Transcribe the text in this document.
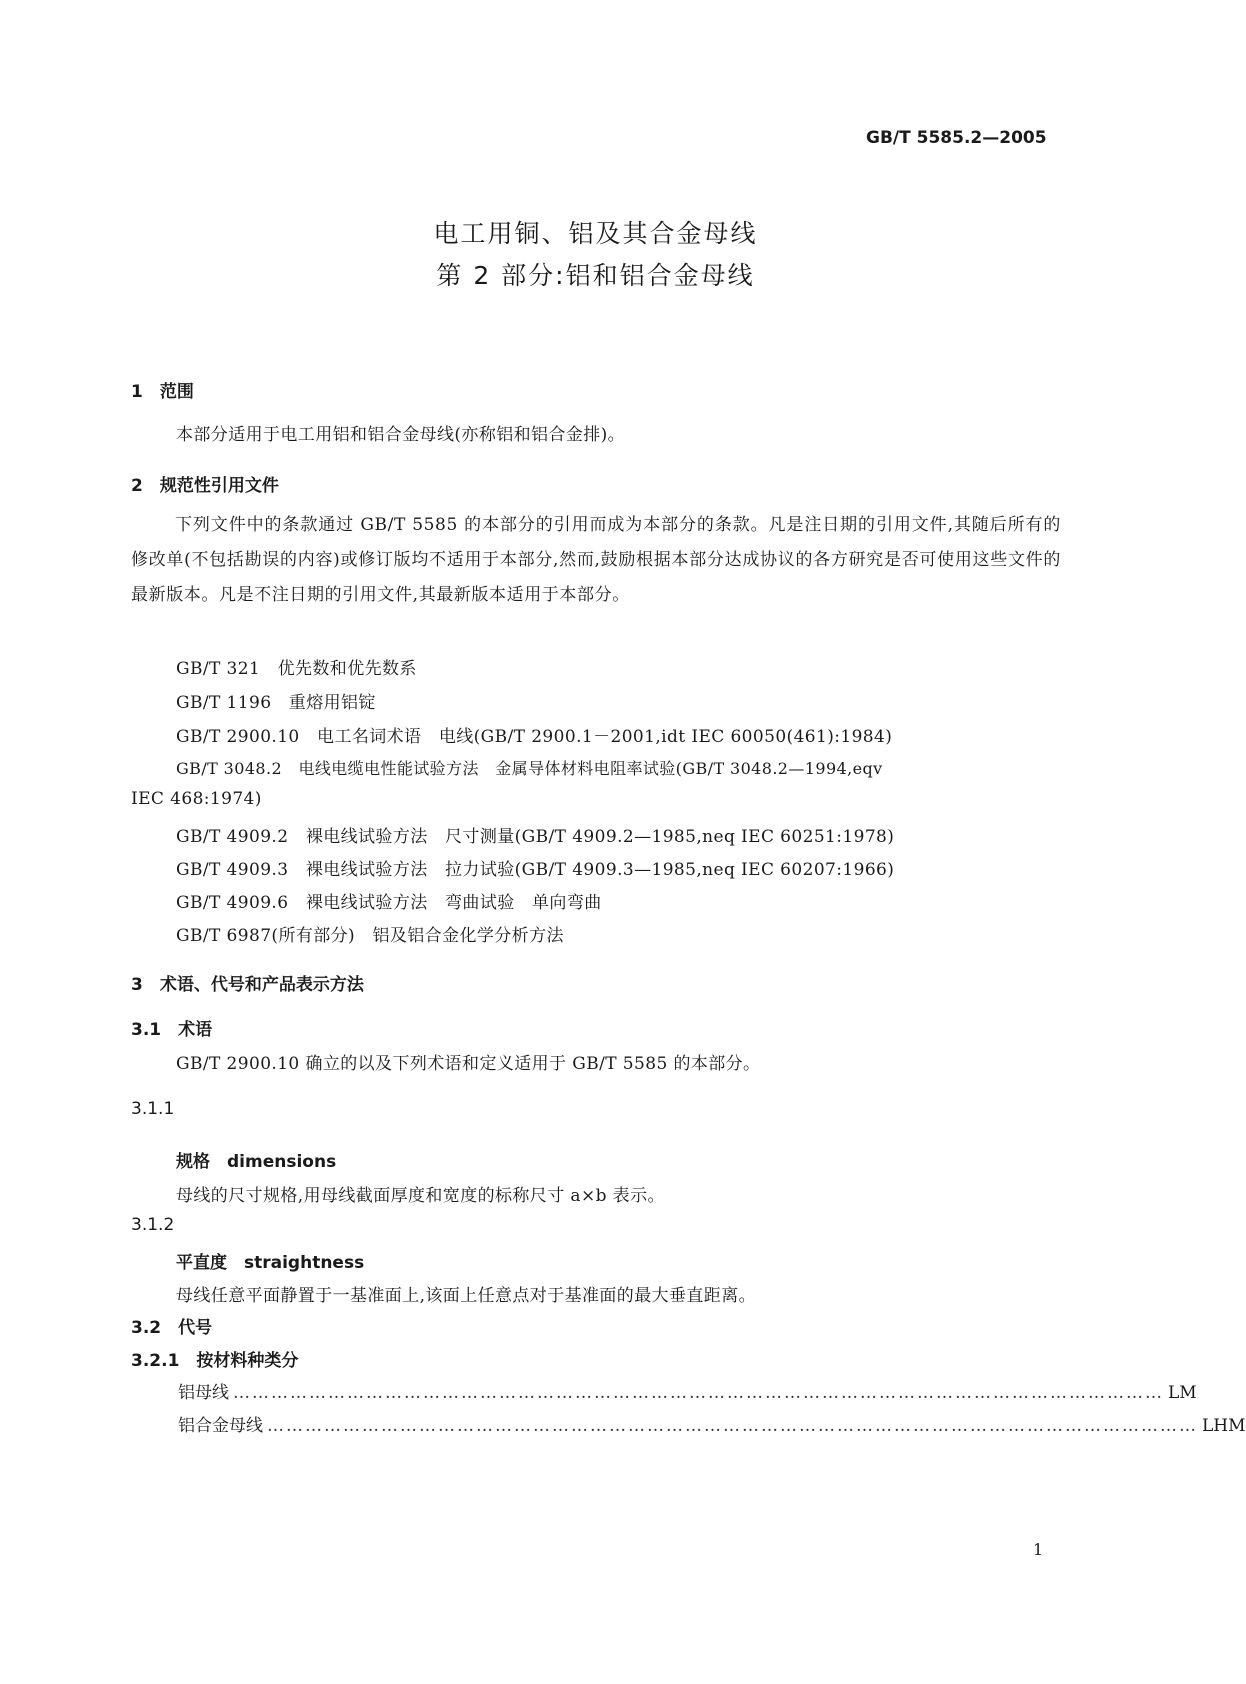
GB/T 5585.2—2005
电工用铜、铝及其合金母线
第 2 部分:铝和铝合金母线
1　范围
本部分适用于电工用铝和铝合金母线(亦称铝和铝合金排)。
2　规范性引用文件
下列文件中的条款通过 GB/T 5585 的本部分的引用而成为本部分的条款。凡是注日期的引用文件,其随后所有的修改单(不包括勘误的内容)或修订版均不适用于本部分,然而,鼓励根据本部分达成协议的各方研究是否可使用这些文件的最新版本。凡是不注日期的引用文件,其最新版本适用于本部分。
GB/T 321　优先数和优先数系
GB/T 1196　重熔用铝锭
GB/T 2900.10　电工名词术语　电线(GB/T 2900.1－2001,idt IEC 60050(461):1984)
GB/T 3048.2　电线电缆电性能试验方法　金属导体材料电阻率试验(GB/T 3048.2—1994,eqv
IEC 468:1974)
GB/T 4909.2　裸电线试验方法　尺寸测量(GB/T 4909.2—1985,neq IEC 60251:1978)
GB/T 4909.3　裸电线试验方法　拉力试验(GB/T 4909.3—1985,neq IEC 60207:1966)
GB/T 4909.6　裸电线试验方法　弯曲试验　单向弯曲
GB/T 6987(所有部分)　铝及铝合金化学分析方法
3　术语、代号和产品表示方法
3.1　术语
GB/T 2900.10 确立的以及下列术语和定义适用于 GB/T 5585 的本部分。
3.1.1
规格　dimensions
母线的尺寸规格,用母线截面厚度和宽度的标称尺寸 a×b 表示。
3.1.2
平直度　straightness
母线任意平面静置于一基准面上,该面上任意点对于基准面的最大垂直距离。
3.2　代号
3.2.1　按材料种类分
铝母线 ………………………………………………………………………………………………………………………………… LM
铝合金母线 ………………………………………………………………………………………………………………………………… LHM
1
